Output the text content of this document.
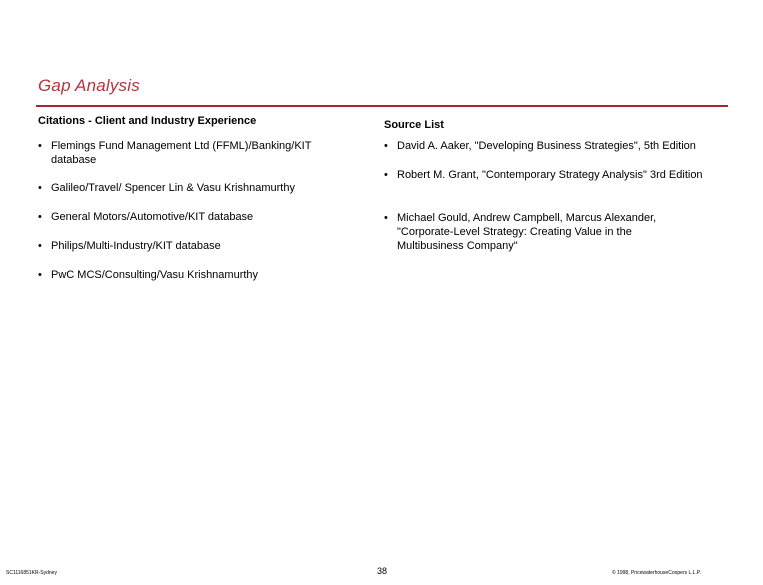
Gap Analysis
Citations - Client and Industry Experience	Source List
• Flemings Fund Management Ltd (FFML)/Banking/KIT database
• Galileo/Travel/ Spencer Lin & Vasu Krishnamurthy
• General Motors/Automotive/KIT database
• Philips/Multi-Industry/KIT database
• PwC MCS/Consulting/Vasu Krishnamurthy
• David A. Aaker, "Developing Business Strategies", 5th Edition
• Robert M. Grant, "Contemporary Strategy Analysis" 3rd Edition
• Michael Gould, Andrew Campbell, Marcus Alexander, "Corporate-Level Strategy: Creating Value in the Multibusiness Company"
SC1116851KR-Sydney	38	© 1998, PricewaterhouseCoopers L.L.P.
